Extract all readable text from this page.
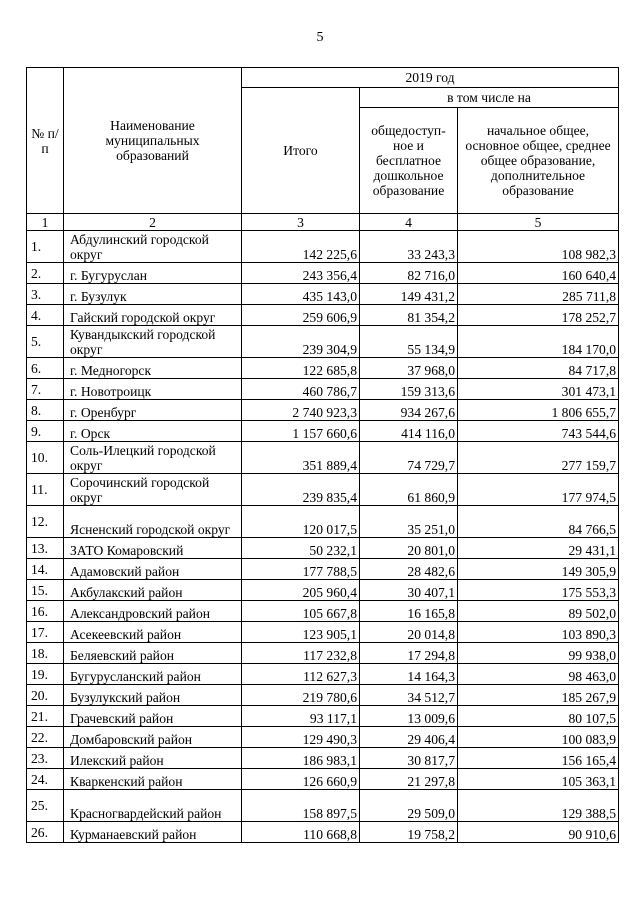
5
№ п/п	Наименование муниципальных образований	2019 год		
		Итого	в том числе на	
			общедоступ-ное и бесплатное дошкольное образование	начальное общее, основное общее, среднее общее образование, дополнительное образование
1	2	3	4	5
1.	Абдулинский городской округ	142 225,6	33 243,3	108 982,3
2.	г. Бугуруслан	243 356,4	82 716,0	160 640,4
3.	г. Бузулук	435 143,0	149 431,2	285 711,8
4.	Гайский городской округ	259 606,9	81 354,2	178 252,7
5.	Кувандыкский городской округ	239 304,9	55 134,9	184 170,0
6.	г. Медногорск	122 685,8	37 968,0	84 717,8
7.	г. Новотроицк	460 786,7	159 313,6	301 473,1
8.	г. Оренбург	2 740 923,3	934 267,6	1 806 655,7
9.	г. Орск	1 157 660,6	414 116,0	743 544,6
10.	Соль-Илецкий городской округ	351 889,4	74 729,7	277 159,7
11.	Сорочинский городской округ	239 835,4	61 860,9	177 974,5
12.	Ясненский городской округ	120 017,5	35 251,0	84 766,5
13.	ЗАТО Комаровский	50 232,1	20 801,0	29 431,1
14.	Адамовский район	177 788,5	28 482,6	149 305,9
15.	Акбулакский район	205 960,4	30 407,1	175 553,3
16.	Александровский район	105 667,8	16 165,8	89 502,0
17.	Асекеевский район	123 905,1	20 014,8	103 890,3
18.	Беляевский район	117 232,8	17 294,8	99 938,0
19.	Бугурусланский район	112 627,3	14 164,3	98 463,0
20.	Бузулукский район	219 780,6	34 512,7	185 267,9
21.	Грачевский район	93 117,1	13 009,6	80 107,5
22.	Домбаровский район	129 490,3	29 406,4	100 083,9
23.	Илекский район	186 983,1	30 817,7	156 165,4
24.	Кваркенский район	126 660,9	21 297,8	105 363,1
25.	Красногвардейский район	158 897,5	29 509,0	129 388,5
26.	Курманаевский район	110 668,8	19 758,2	90 910,6
